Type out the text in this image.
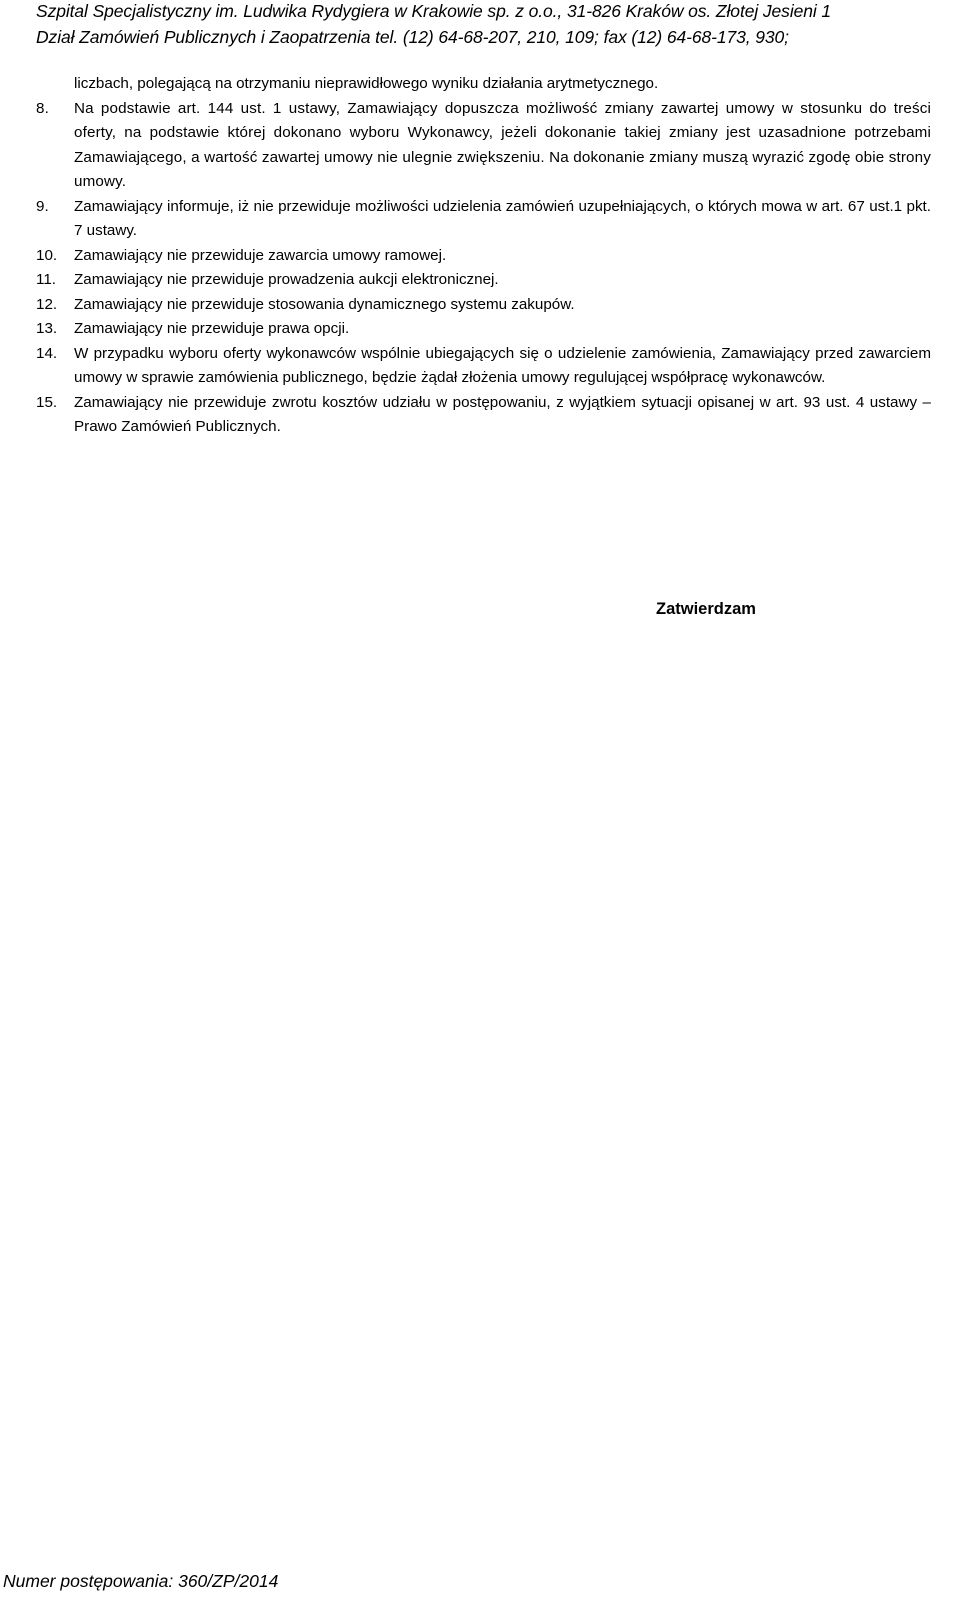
Szpital Specjalistyczny im. Ludwika Rydygiera w Krakowie sp. z o.o., 31-826 Kraków os. Złotej Jesieni 1
Dział Zamówień Publicznych i Zaopatrzenia tel. (12) 64-68-207, 210, 109; fax (12) 64-68-173, 930;
liczbach, polegającą na otrzymaniu nieprawidłowego wyniku działania arytmetycznego.
8. Na podstawie art. 144 ust. 1 ustawy, Zamawiający dopuszcza możliwość zmiany zawartej umowy w stosunku do treści oferty, na podstawie której dokonano wyboru Wykonawcy, jeżeli dokonanie takiej zmiany jest uzasadnione potrzebami Zamawiającego, a wartość zawartej umowy nie ulegnie zwiększeniu. Na dokonanie zmiany muszą wyrazić zgodę obie strony umowy.
9. Zamawiający informuje, iż nie przewiduje możliwości udzielenia zamówień uzupełniających, o których mowa w art. 67 ust.1 pkt. 7 ustawy.
10. Zamawiający nie przewiduje zawarcia umowy ramowej.
11. Zamawiający nie przewiduje prowadzenia aukcji elektronicznej.
12. Zamawiający nie przewiduje stosowania dynamicznego systemu zakupów.
13. Zamawiający nie przewiduje prawa opcji.
14. W przypadku wyboru oferty wykonawców wspólnie ubiegających się o udzielenie zamówienia, Zamawiający przed zawarciem umowy w sprawie zamówienia publicznego, będzie żądał złożenia umowy regulującej współpracę wykonawców.
15. Zamawiający nie przewiduje zwrotu kosztów udziału w postępowaniu, z wyjątkiem sytuacji opisanej w art. 93 ust. 4 ustawy – Prawo Zamówień Publicznych.
Zatwierdzam
Numer postępowania: 360/ZP/2014
